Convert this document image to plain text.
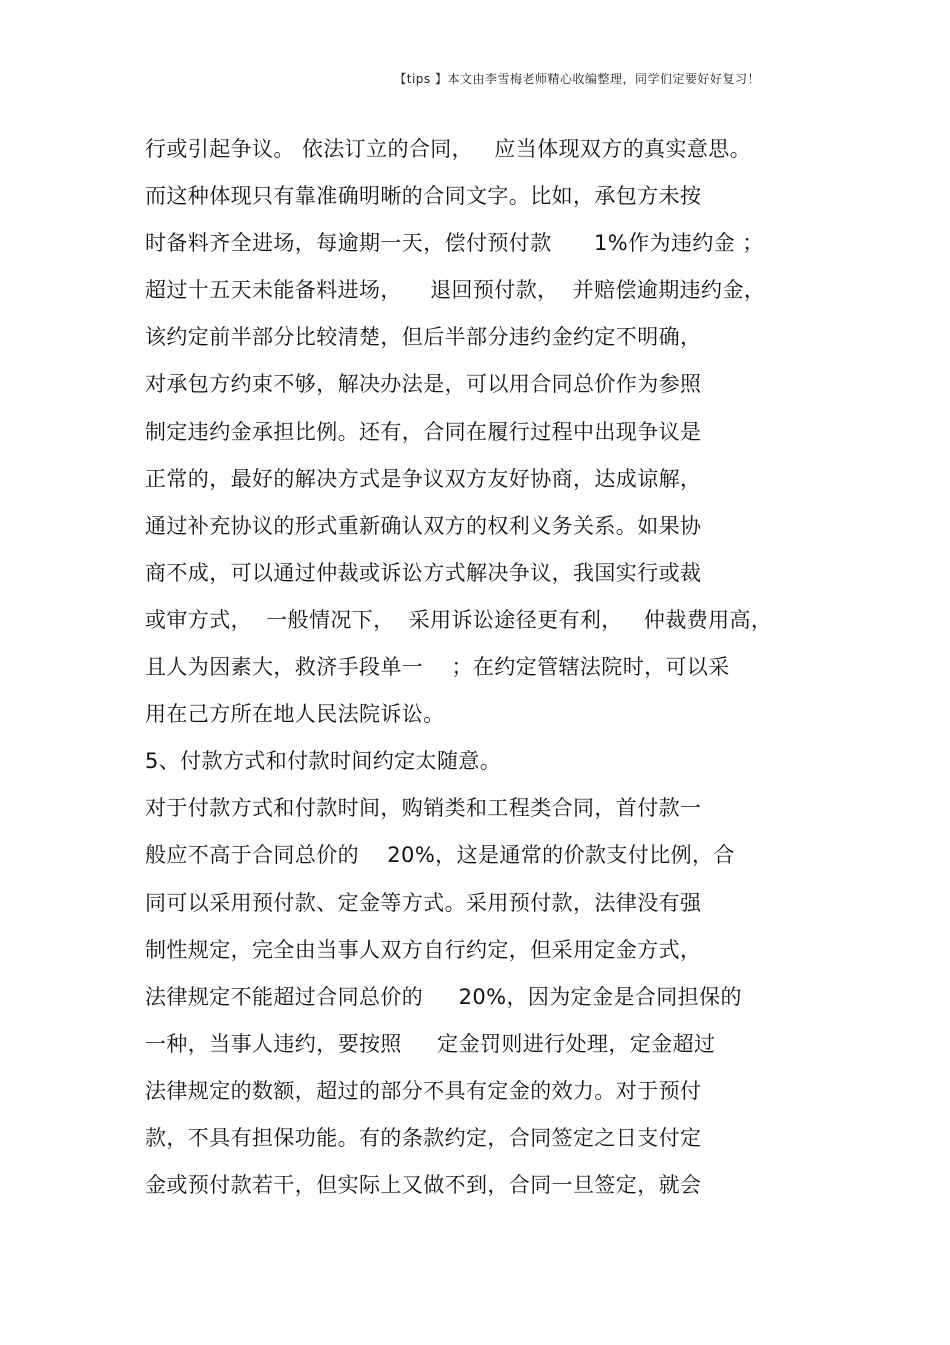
【tips 】本文由李雪梅老师精心收编整理，同学们定要好好复习！
行或引起争议。 依法订立的合同，   应当体现双方的真实意思。
而这种体现只有靠准确明晰的合同文字。比如，承包方未按
时备料齐全进场，每逾期一天，偿付预付款      1%作为违约金 ；
超过十五天未能备料进场，    退回预付款，  并赔偿逾期违约金，
该约定前半部分比较清楚，但后半部分违约金约定不明确，
对承包方约束不够，解决办法是，可以用合同总价作为参照
制定违约金承担比例。还有，合同在履行过程中出现争议是
正常的，最好的解决方式是争议双方友好协商，达成谅解，
通过补充协议的形式重新确认双方的权利义务关系。如果协
商不成，可以通过仲裁或诉讼方式解决争议，我国实行或裁
或审方式，  一般情况下，  采用诉讼途径更有利，   仲裁费用高，
且人为因素大，救济手段单一    ；在约定管辖法院时，可以采
用在己方所在地人民法院诉讼。
5、付款方式和付款时间约定太随意。
对于付款方式和付款时间，购销类和工程类合同，首付款一
般应不高于合同总价的    20%，这是通常的价款支付比例，合
同可以采用预付款、定金等方式。采用预付款，法律没有强
制性规定，完全由当事人双方自行约定，但采用定金方式，
法律规定不能超过合同总价的     20%，因为定金是合同担保的
一种，当事人违约，要按照     定金罚则进行处理，定金超过
法律规定的数额，超过的部分不具有定金的效力。对于预付
款，不具有担保功能。有的条款约定，合同签定之日支付定
金或预付款若干，但实际上又做不到，合同一旦签定，就会
